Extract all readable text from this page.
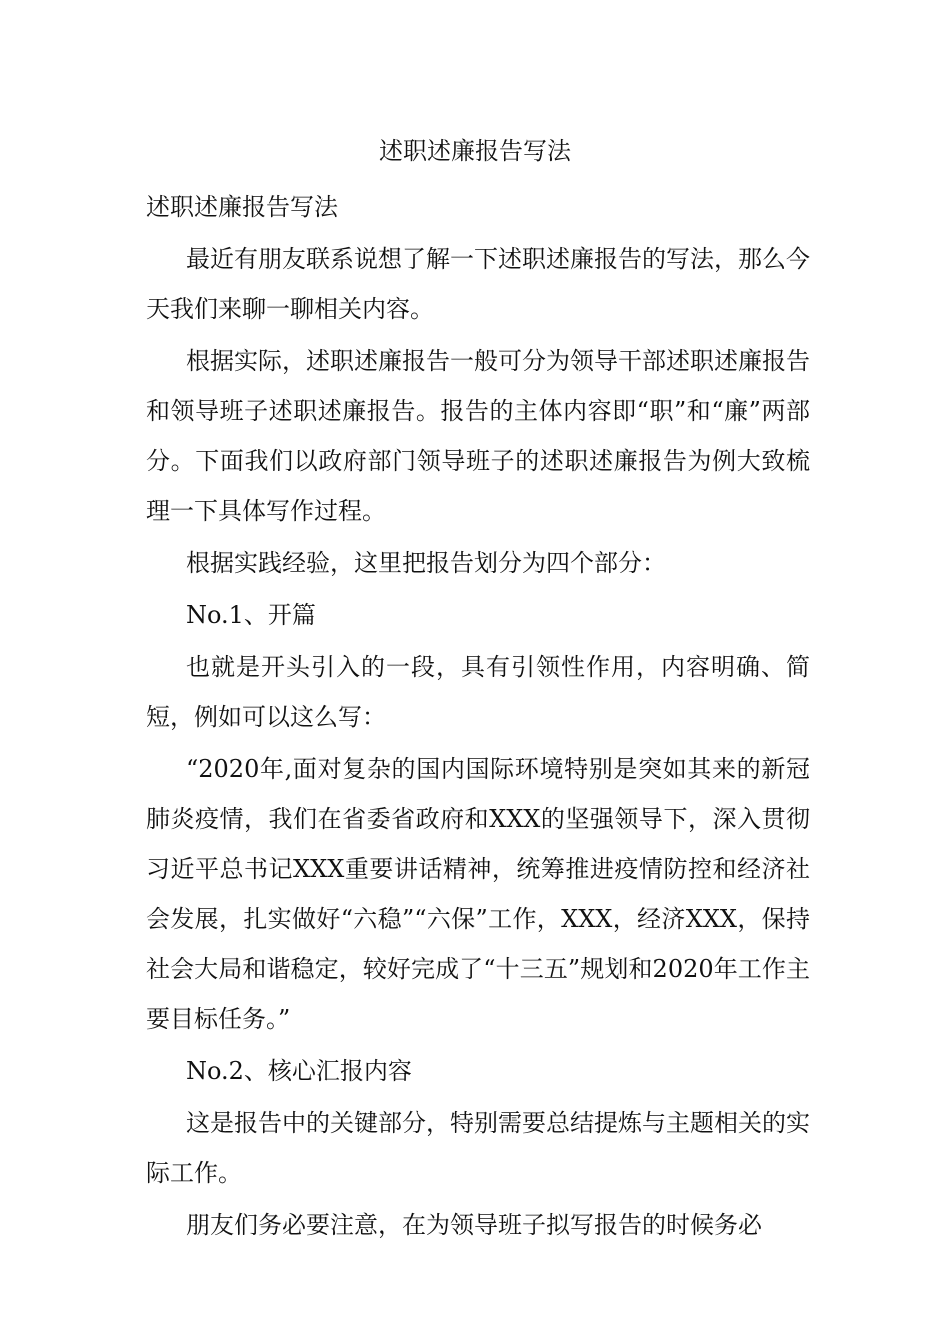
述职述廉报告写法

述职述廉报告写法

最近有朋友联系说想了解一下述职述廉报告的写法，那么今天我们来聊一聊相关内容。

根据实际，述职述廉报告一般可分为领导干部述职述廉报告和领导班子述职述廉报告。报告的主体内容即“职”和“廉”两部分。下面我们以政府部门领导班子的述职述廉报告为例大致梳理一下具体写作过程。

根据实践经验，这里把报告划分为四个部分：

No.1、开篇

也就是开头引入的一段，具有引领性作用，内容明确、简短，例如可以这么写：

“2020年,面对复杂的国内国际环境特别是突如其来的新冠肺炎疫情，我们在省委省政府和XXX的坚强领导下，深入贯彻习近平总书记XXX重要讲话精神，统筹推进疫情防控和经济社会发展，扎实做好“六稳”“六保”工作，XXX，经济XXX，保持社会大局和谐稳定，较好完成了“十三五”规划和2020年工作主要目标任务。”

No.2、核心汇报内容

这是报告中的关键部分，特别需要总结提炼与主题相关的实际工作。

朋友们务必要注意，在为领导班子拟写报告的时候务必
